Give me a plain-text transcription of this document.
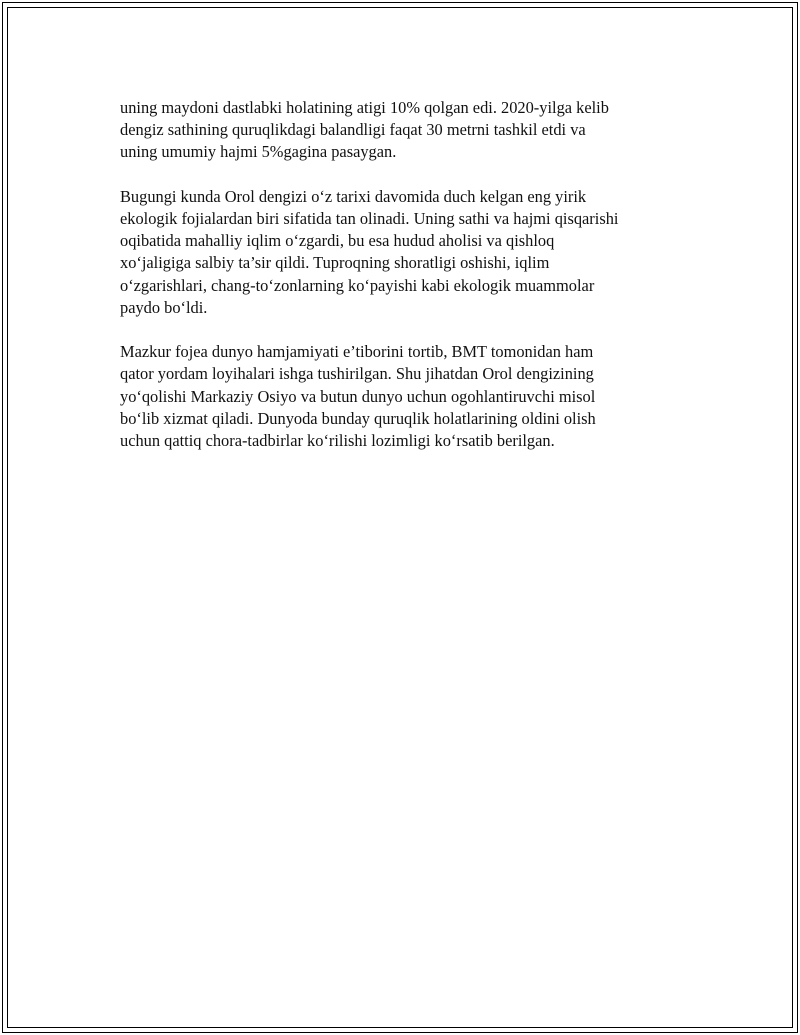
uning maydoni dastlabki holatining atigi 10% qolgan edi. 2020-yilga kelib
dengiz sathining quruqlikdagi balandligi faqat 30 metrni tashkil etdi va
uning umumiy hajmi 5%gagina pasaygan.

Bugungi kunda Orol dengizi o‘z tarixi davomida duch kelgan eng yirik
ekologik fojialardan biri sifatida tan olinadi. Uning sathi va hajmi qisqarishi
oqibatida mahalliy iqlim o‘zgardi, bu esa hudud aholisi va qishloq
xo‘jaligiga salbiy ta’sir qildi. Tuproqning shoratligi oshishi, iqlim
o‘zgarishlari, chang-to‘zonlarning ko‘payishi kabi ekologik muammolar
paydo bo‘ldi.

Mazkur fojea dunyo hamjamiyati e’tiborini tortib, BMT tomonidan ham
qator yordam loyihalari ishga tushirilgan. Shu jihatdan Orol dengizining
yo‘qolishi Markaziy Osiyo va butun dunyo uchun ogohlantiruvchi misol
bo‘lib xizmat qiladi. Dunyoda bunday quruqlik holatlarining oldini olish
uchun qattiq chora-tadbirlar ko‘rilishi lozimligi ko‘rsatib berilgan.
